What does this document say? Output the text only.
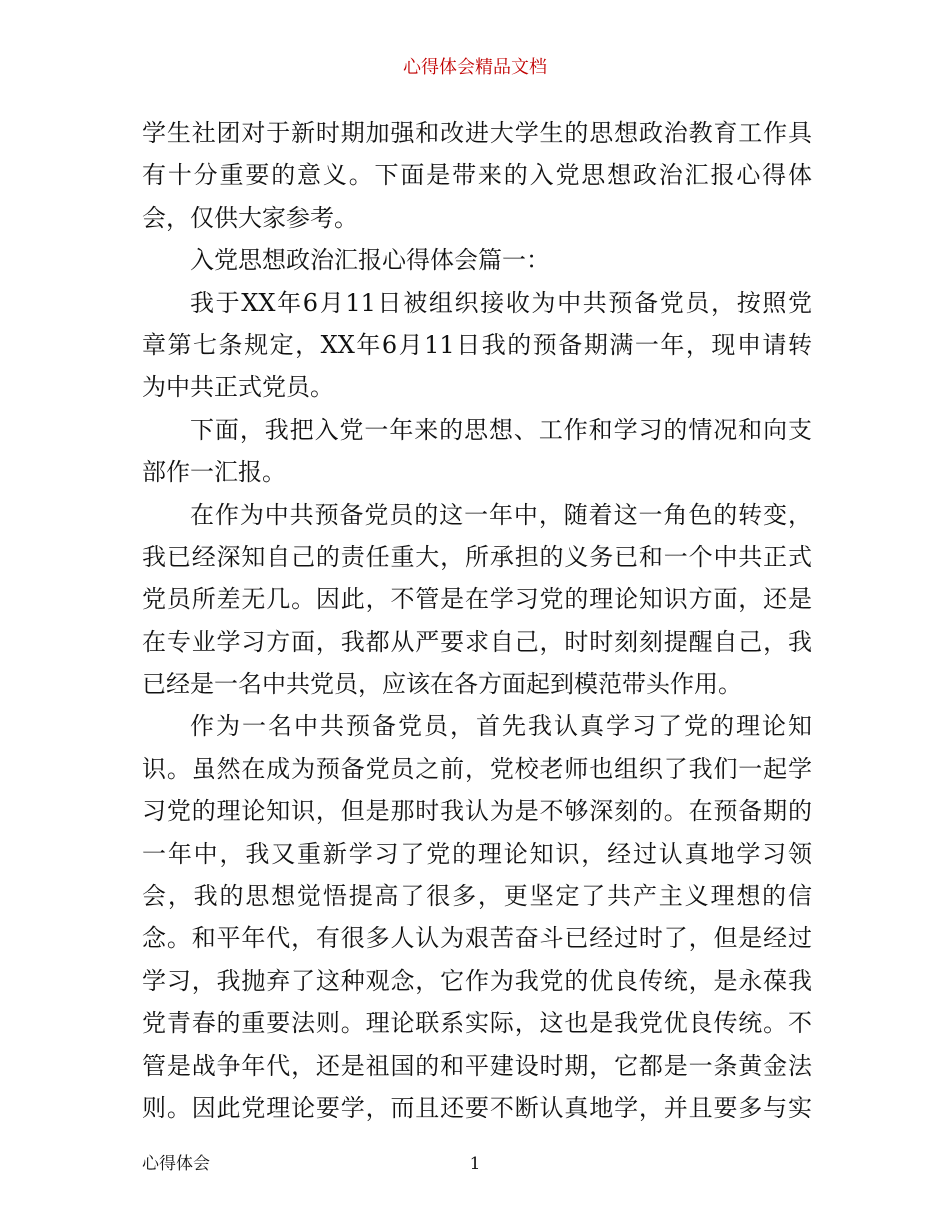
心得体会精品文档
学生社团对于新时期加强和改进大学生的思想政治教育工作具
有十分重要的意义。下面是带来的入党思想政治汇报心得体
会，仅供大家参考。
入党思想政治汇报心得体会篇一：
我于XX年6月11日被组织接收为中共预备党员，按照党
章第七条规定，XX年6月11日我的预备期满一年，现申请转
为中共正式党员。
下面，我把入党一年来的思想、工作和学习的情况和向支
部作一汇报。
在作为中共预备党员的这一年中，随着这一角色的转变，
我已经深知自己的责任重大，所承担的义务已和一个中共正式
党员所差无几。因此，不管是在学习党的理论知识方面，还是
在专业学习方面，我都从严要求自己，时时刻刻提醒自己，我
已经是一名中共党员，应该在各方面起到模范带头作用。
作为一名中共预备党员，首先我认真学习了党的理论知
识。虽然在成为预备党员之前，党校老师也组织了我们一起学
习党的理论知识，但是那时我认为是不够深刻的。在预备期的
一年中，我又重新学习了党的理论知识，经过认真地学习领
会，我的思想觉悟提高了很多，更坚定了共产主义理想的信
念。和平年代，有很多人认为艰苦奋斗已经过时了，但是经过
学习，我抛弃了这种观念，它作为我党的优良传统，是永葆我
党青春的重要法则。理论联系实际，这也是我党优良传统。不
管是战争年代，还是祖国的和平建设时期，它都是一条黄金法
则。因此党理论要学，而且还要不断认真地学，并且要多与实
心得体会	1
